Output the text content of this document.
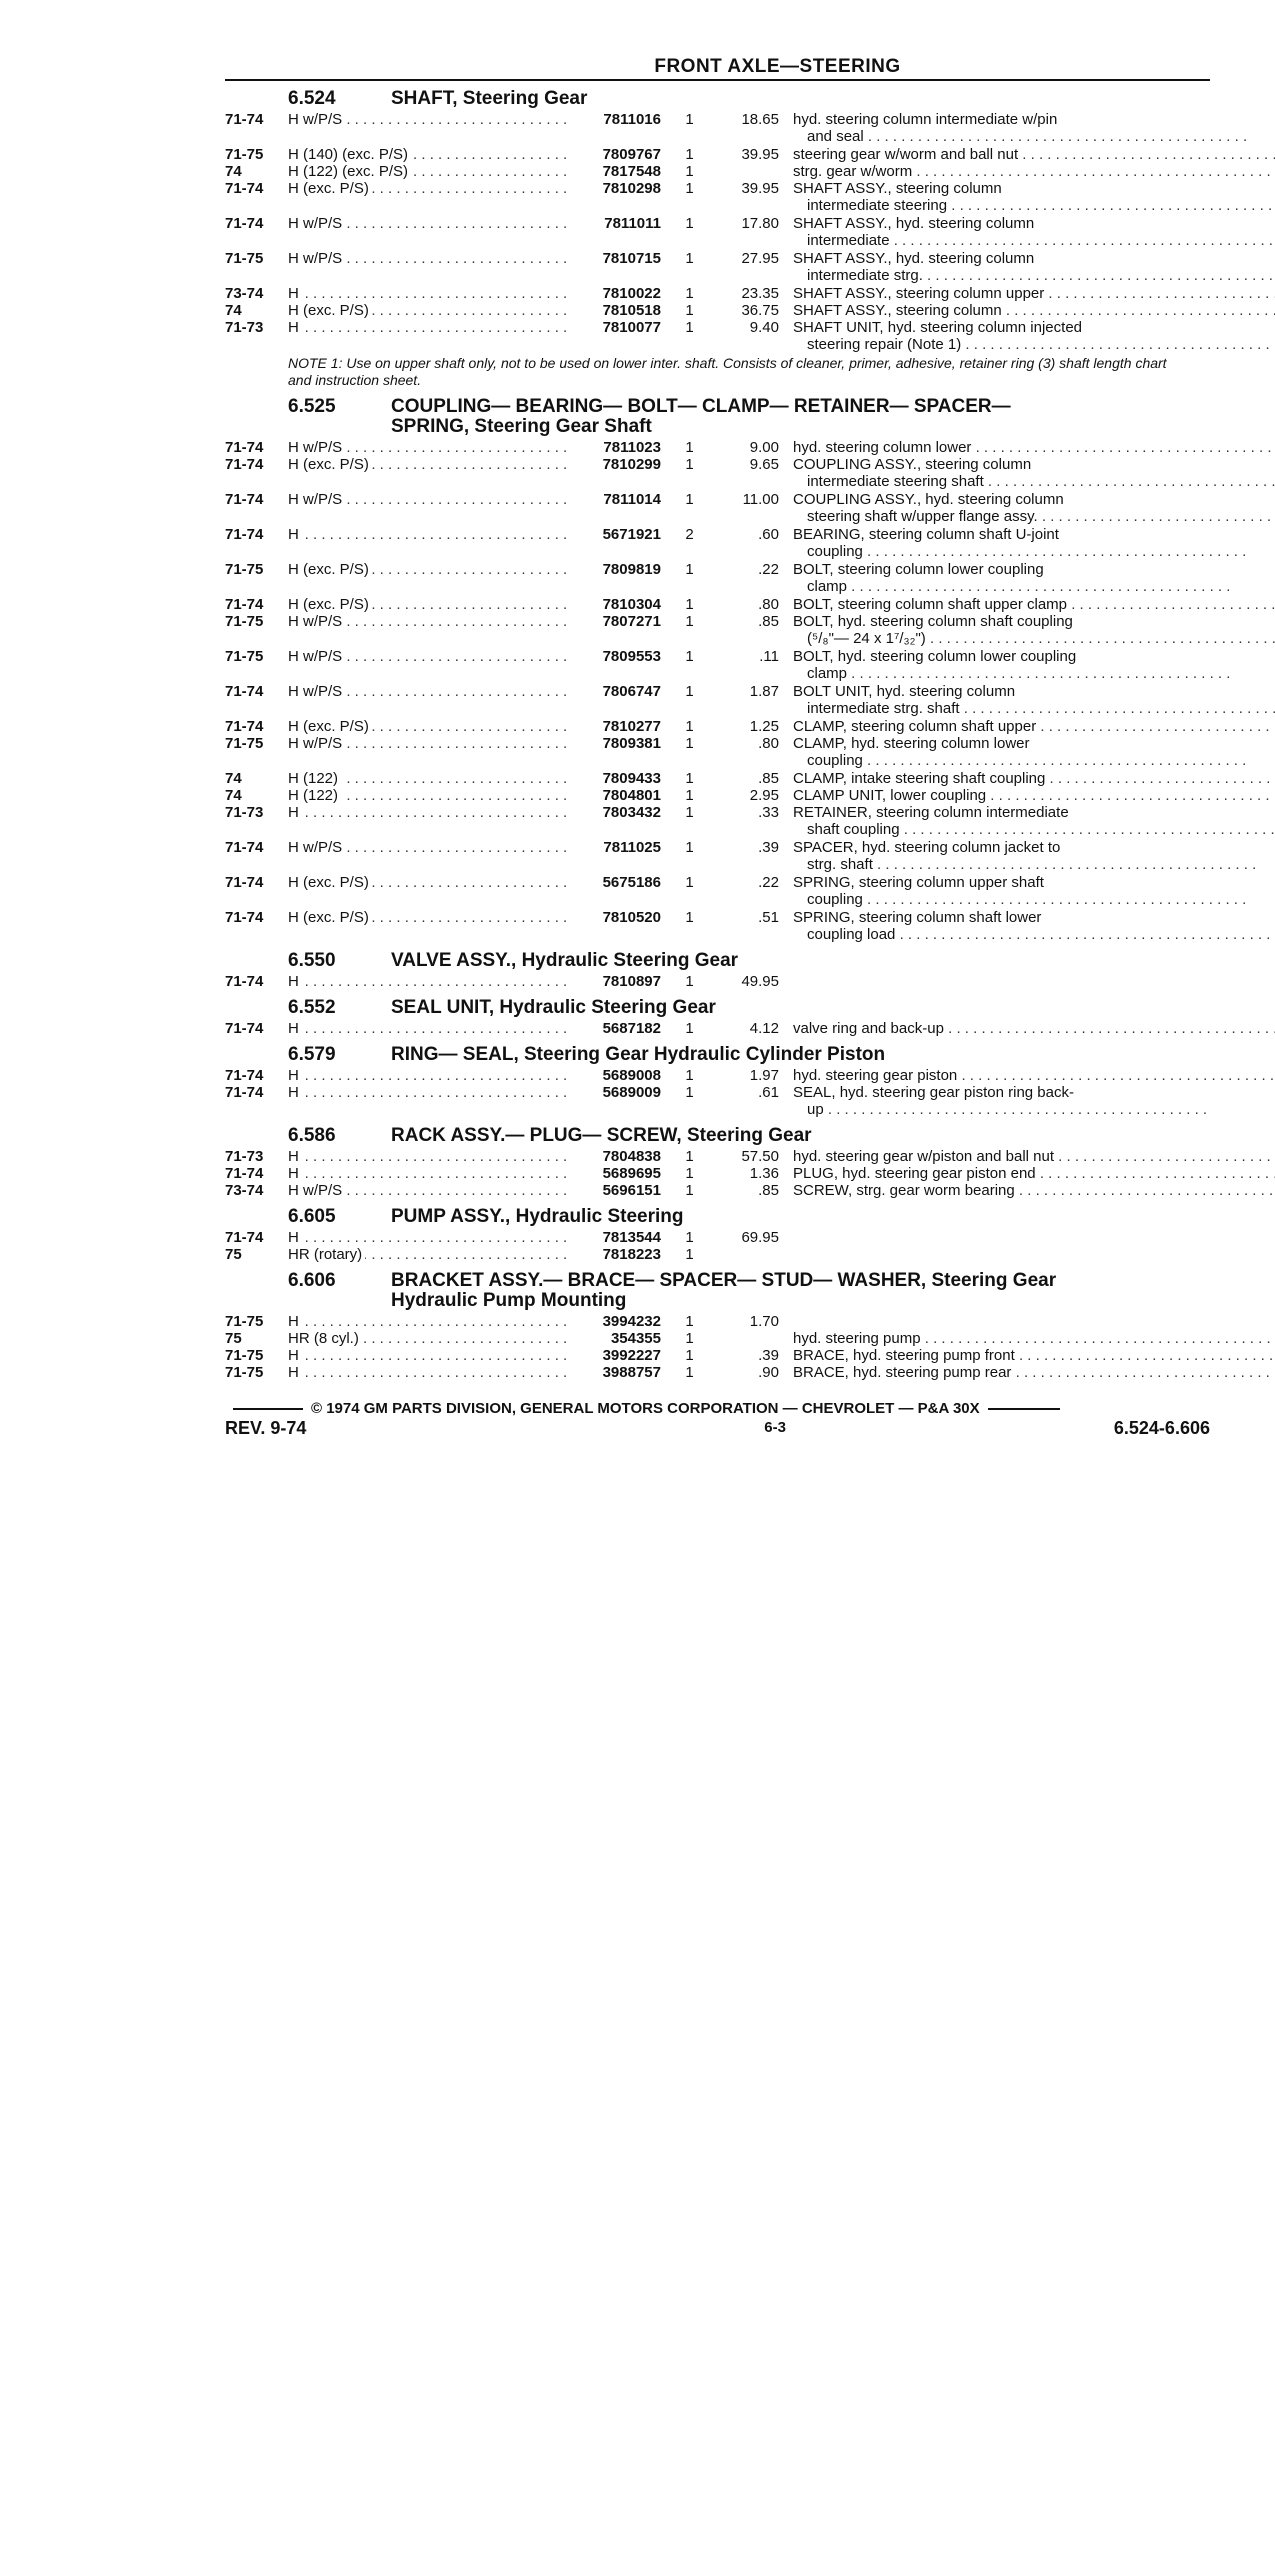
FRONT AXLE—STEERING
6.524	SHAFT, Steering Gear
71-74	H w/P/S . . .	7811016	1	18.65 hyd. steering column intermediate w/pin
and seal . . .
71-75	H (140) (exc. P/S) . . .	7809767	1	39.95 steering gear w/worm and ball nut . . .
74	H (122) (exc. P/S) . . .	7817548	1	strg. gear w/worm . . .
71-74	H (exc. P/S) . . .	7810298	1	39.95 SHAFT ASSY., steering column
intermediate steering . . .
71-74	H w/P/S . . .	7811011	1	17.80 SHAFT ASSY., hyd. steering column
intermediate . . .
71-75	H w/P/S . . .	7810715	1	27.95 SHAFT ASSY., hyd. steering column
intermediate strg. . . .
73-74	H . . .	7810022	1	23.35 SHAFT ASSY., steering column upper . . .
74	H (exc. P/S) . . .	7810518	1	36.75 SHAFT ASSY., steering column . . .
71-73	H . . .	7810077	1	9.40 SHAFT UNIT, hyd. steering column injected
steering repair (Note 1) . . .
NOTE 1: Use on upper shaft only, not to be used on lower inter. shaft. Consists of cleaner, primer, adhesive, retainer ring (3) shaft length chart and instruction sheet.
6.525	COUPLING— BEARING— BOLT— CLAMP— RETAINER— SPACER—
SPRING, Steering Gear Shaft
71-74	H w/P/S . . .	7811023	1	9.00 hyd. steering column lower . . .
71-74	H (exc. P/S) . . .	7810299	1	9.65 COUPLING ASSY., steering column
intermediate steering shaft . . .
71-74	H w/P/S . . .	7811014	1	11.00 COUPLING ASSY., hyd. steering column
steering shaft w/upper flange assy. . . .
71-74	H . . .	5671921	2	.60 BEARING, steering column shaft U-joint
coupling . . .
71-75	H (exc. P/S) . . .	7809819	1	.22 BOLT, steering column lower coupling
clamp . . .
71-74	H (exc. P/S) . . .	7810304	1	.80 BOLT, steering column shaft upper clamp . . .
71-75	H w/P/S . . .	7807271	1	.85 BOLT, hyd. steering column shaft coupling
(⁵/₈"— 24 x 1⁷/₃₂") . . .
71-75	H w/P/S . . .	7809553	1	.11 BOLT, hyd. steering column lower coupling
clamp . . .
71-74	H w/P/S . . .	7806747	1	1.87 BOLT UNIT, hyd. steering column
intermediate strg. shaft . . .
71-74	H (exc. P/S) . . .	7810277	1	1.25 CLAMP, steering column shaft upper . . .
71-75	H w/P/S . . .	7809381	1	.80 CLAMP, hyd. steering column lower
coupling . . .
74	H (122) . . .	7809433	1	.85 CLAMP, intake steering shaft coupling . . .
74	H (122) . . .	7804801	1	2.95 CLAMP UNIT, lower coupling . . .
71-73	H . . .	7803432	1	.33 RETAINER, steering column intermediate
shaft coupling . . .
71-74	H w/P/S . . .	7811025	1	.39 SPACER, hyd. steering column jacket to
strg. shaft . . .
71-74	H (exc. P/S) . . .	5675186	1	.22 SPRING, steering column upper shaft
coupling . . .
71-74	H (exc. P/S) . . .	7810520	1	.51 SPRING, steering column shaft lower
coupling load . . .
6.550	VALVE ASSY., Hydraulic Steering Gear
71-74	H . . .	7810897	1	49.95
6.552	SEAL UNIT, Hydraulic Steering Gear
71-74	H . . .	5687182	1	4.12 valve ring and back-up . . .
6.579	RING— SEAL, Steering Gear Hydraulic Cylinder Piston
71-74	H . . .	5689008	1	1.97 hyd. steering gear piston . . .
71-74	H . . .	5689009	1	.61 SEAL, hyd. steering gear piston ring back-
up . . .
6.586	RACK ASSY.— PLUG— SCREW, Steering Gear
71-73	H . . .	7804838	1	57.50 hyd. steering gear w/piston and ball nut . . .
71-74	H . . .	5689695	1	1.36 PLUG, hyd. steering gear piston end . . .
73-74	H w/P/S . . .	5696151	1	.85 SCREW, strg. gear worm bearing . . .
6.605	PUMP ASSY., Hydraulic Steering
71-74	H . . .	7813544	1	69.95
75	HR (rotary) . . .	7818223	1
6.606	BRACKET ASSY.— BRACE— SPACER— STUD— WASHER, Steering Gear
Hydraulic Pump Mounting
71-75	H . . .	3994232	1	1.70
75	HR (8 cyl.) . . .	354355	1	hyd. steering pump . . .
71-75	H . . .	3992227	1	.39 BRACE, hyd. steering pump front . . .
71-75	H . . .	3988757	1	.90 BRACE, hyd. steering pump rear . . .
© 1974 GM PARTS DIVISION, GENERAL MOTORS CORPORATION — CHEVROLET — P&A 30X
REV. 9-74	6-3	6.524-6.606
